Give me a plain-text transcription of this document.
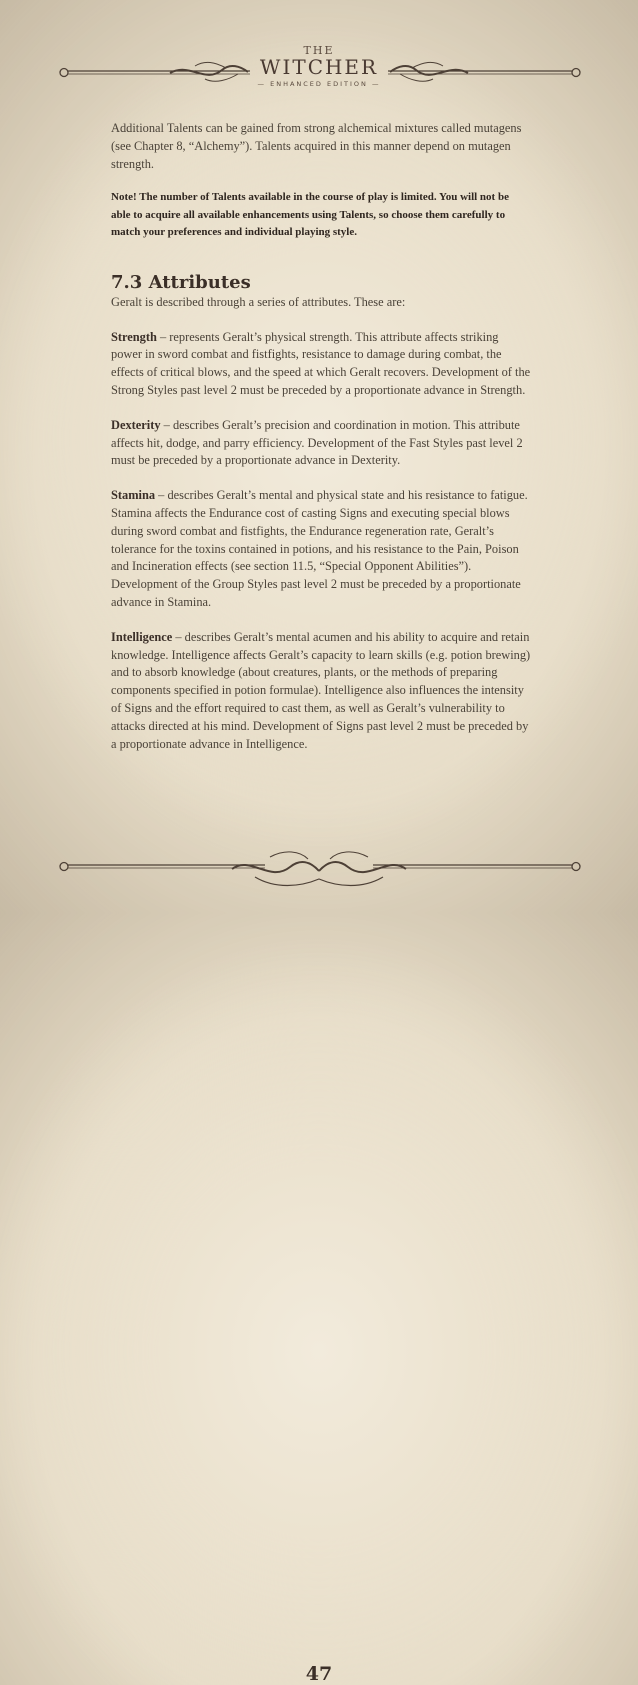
THE
WITCHER
— ENHANCED EDITION —

Additional Talents can be gained from strong alchemical mixtures called mutagens (see Chapter 8, “Alchemy”). Talents acquired in this manner depend on mutagen strength.

Note! The number of Talents available in the course of play is limited. You will not be able to acquire all available enhancements using Talents, so choose them carefully to match your preferences and individual playing style.

7.3 Attributes

Geralt is described through a series of attributes. These are:

Strength – represents Geralt’s physical strength. This attribute affects striking power in sword combat and fistfights, resistance to damage during combat, the effects of critical blows, and the speed at which Geralt recovers. Development of the Strong Styles past level 2 must be preceded by a proportionate advance in Strength.

Dexterity – describes Geralt’s precision and coordination in motion. This attribute affects hit, dodge, and parry efficiency. Development of the Fast Styles past level 2 must be preceded by a proportionate advance in Dexterity.

Stamina – describes Geralt’s mental and physical state and his resistance to fatigue. Stamina affects the Endurance cost of casting Signs and executing special blows during sword combat and fistfights, the Endurance regeneration rate, Geralt’s tolerance for the toxins contained in potions, and his resistance to the Pain, Poison and Incineration effects (see section 11.5, “Special Opponent Abilities”). Development of the Group Styles past level 2 must be preceded by a proportionate advance in Stamina.

Intelligence – describes Geralt’s mental acumen and his ability to acquire and retain knowledge. Intelligence affects Geralt’s capacity to learn skills (e.g. potion brewing) and to absorb knowledge (about creatures, plants, or the methods of preparing components specified in potion formulae). Intelligence also influences the intensity of Signs and the effort required to cast them, as well as Geralt’s vulnerability to attacks directed at his mind. Development of Signs past level 2 must be preceded by a proportionate advance in Intelligence.

47
